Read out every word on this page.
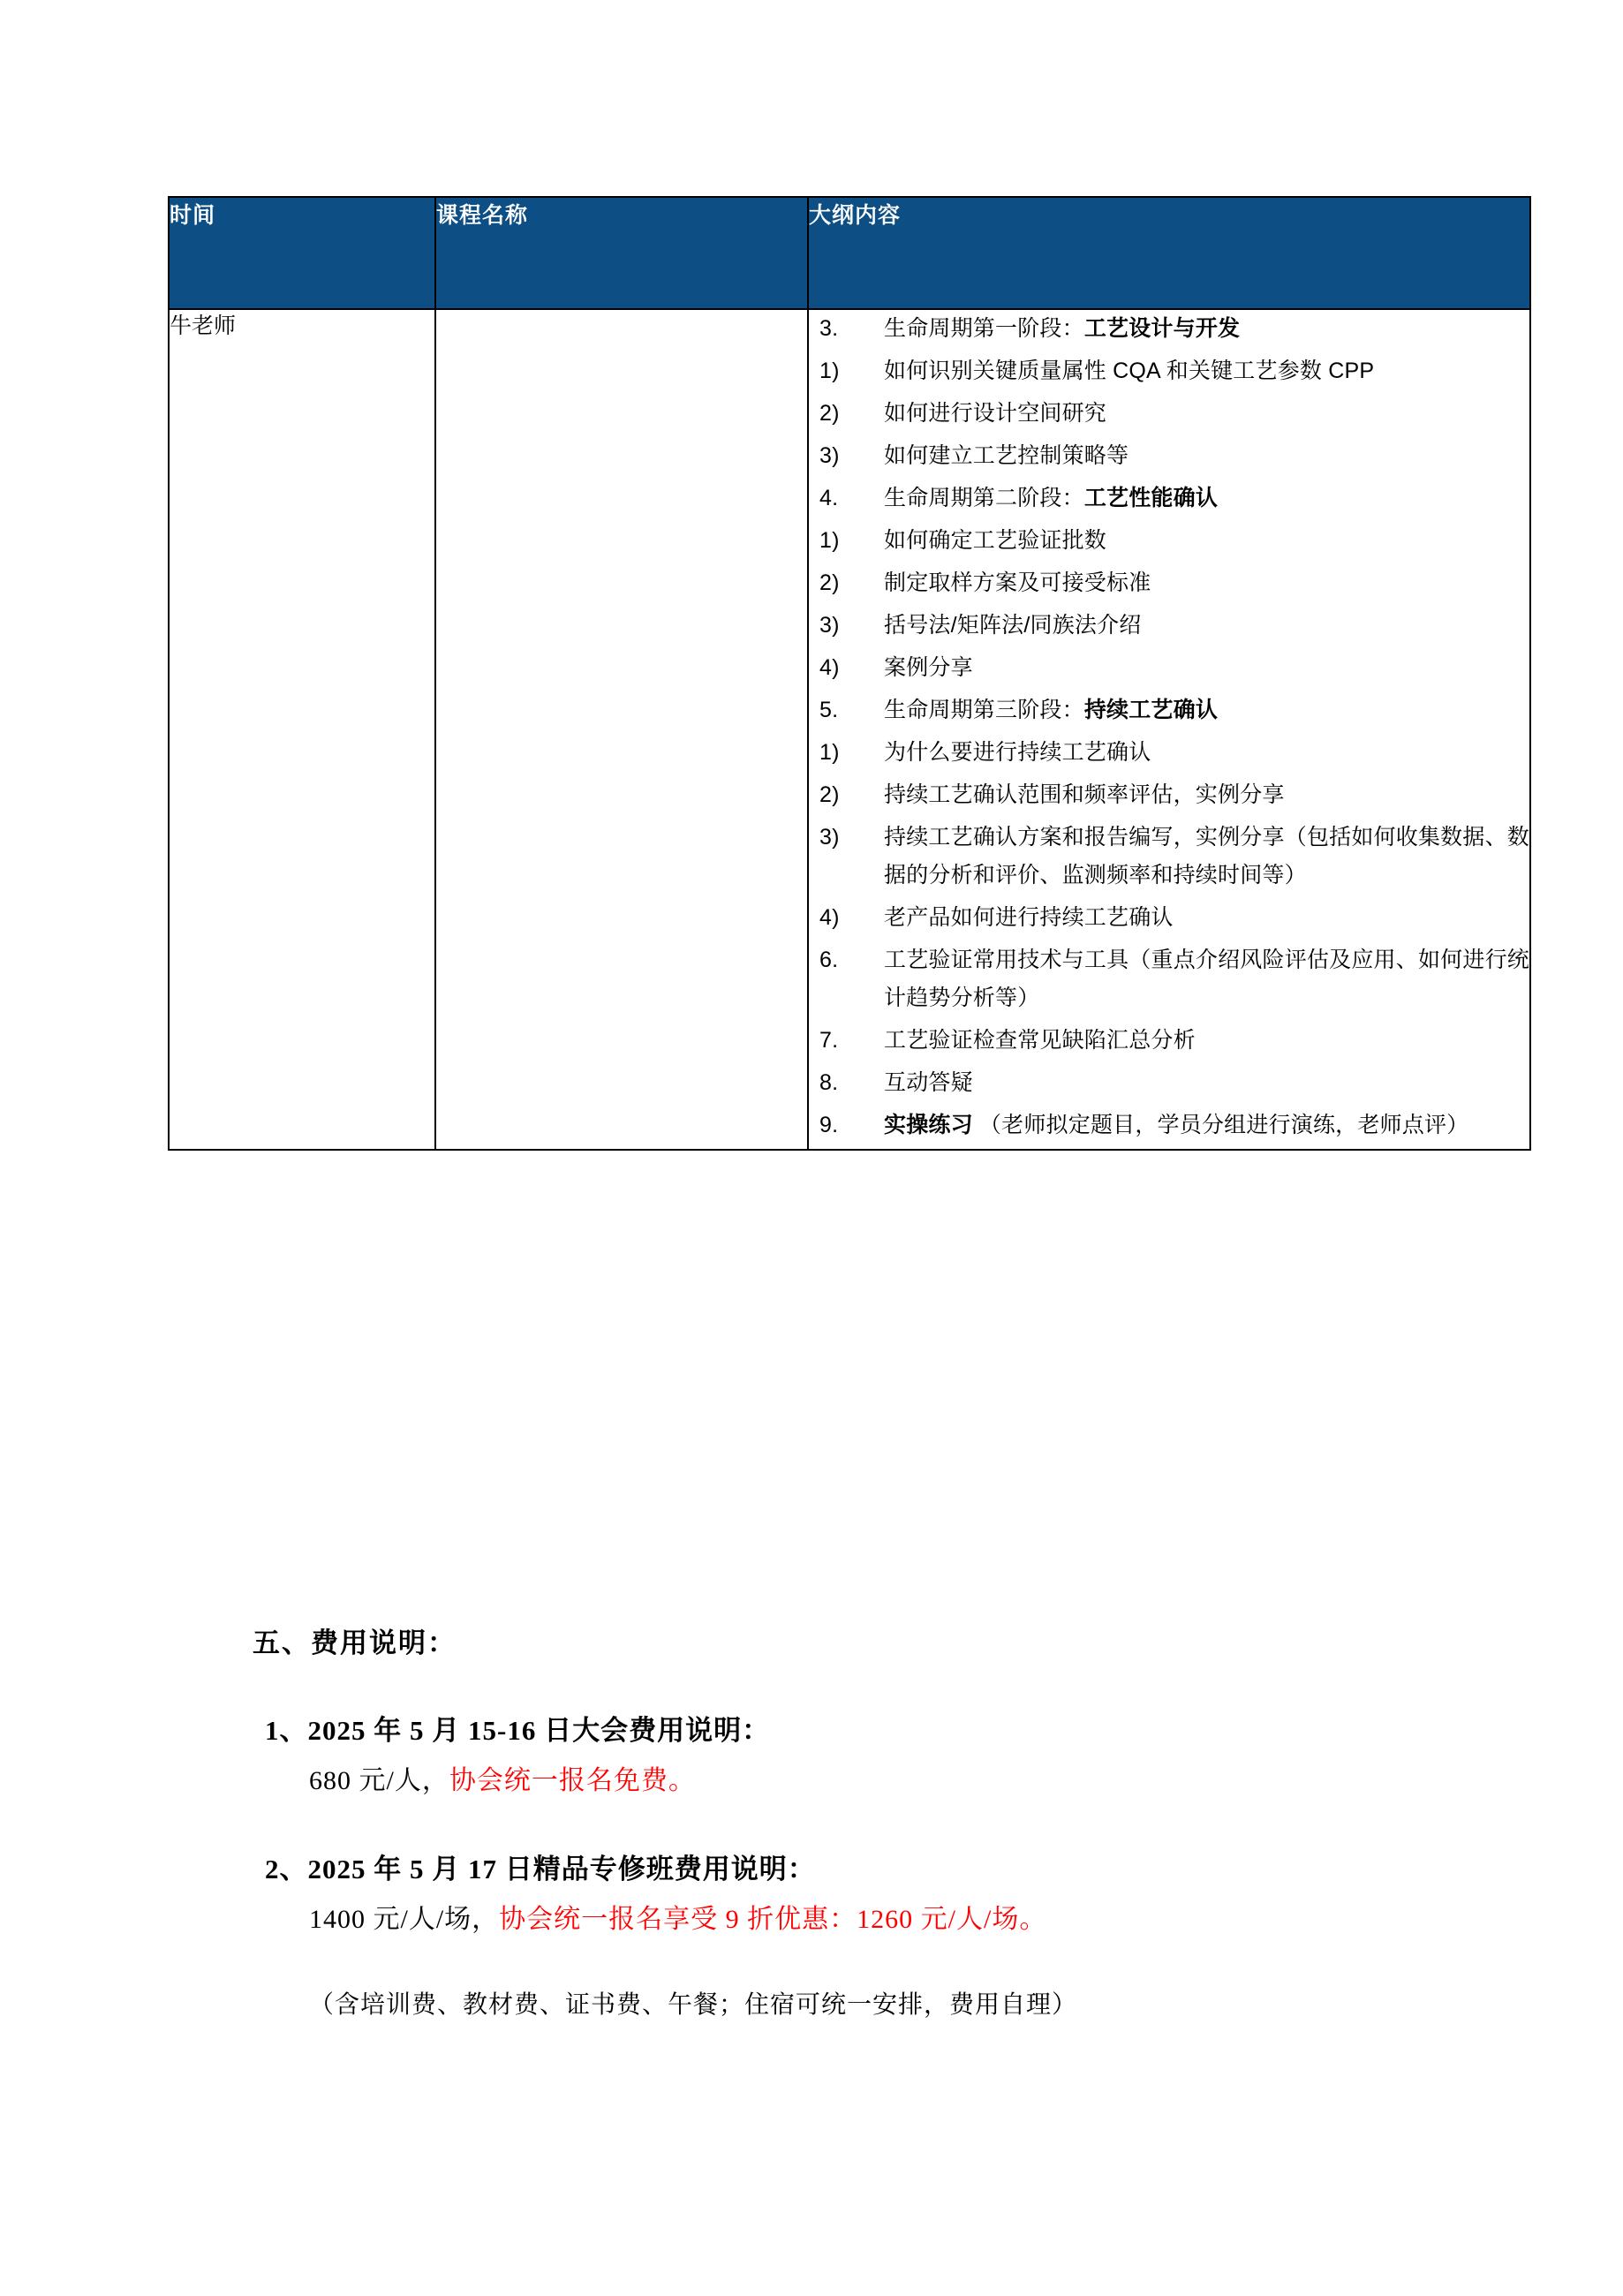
时间	课程名称	大纲内容
牛老师		3.	生命周期第一阶段：工艺设计与开发
1)	如何识别关键质量属性 CQA 和关键工艺参数 CPP
2)	如何进行设计空间研究
3)	如何建立工艺控制策略等
4.	生命周期第二阶段：工艺性能确认
1)	如何确定工艺验证批数
2)	制定取样方案及可接受标准
3)	括号法/矩阵法/同族法介绍
4)	案例分享
5.	生命周期第三阶段：持续工艺确认
1)	为什么要进行持续工艺确认
2)	持续工艺确认范围和频率评估，实例分享
3)	持续工艺确认方案和报告编写，实例分享（包括如何收集数据、数据的分析和评价、监测频率和持续时间等）
4)	老产品如何进行持续工艺确认
6.	工艺验证常用技术与工具（重点介绍风险评估及应用、如何进行统计趋势分析等）
7.	工艺验证检查常见缺陷汇总分析
8.	互动答疑
9.	实操练习 （老师拟定题目，学员分组进行演练，老师点评）
五、费用说明：
1、2025 年 5 月 15-16 日大会费用说明：
680 元/人，协会统一报名免费。
2、2025 年 5 月 17 日精品专修班费用说明：
1400 元/人/场，协会统一报名享受 9 折优惠：1260 元/人/场。
（含培训费、教材费、证书费、午餐；住宿可统一安排，费用自理）
